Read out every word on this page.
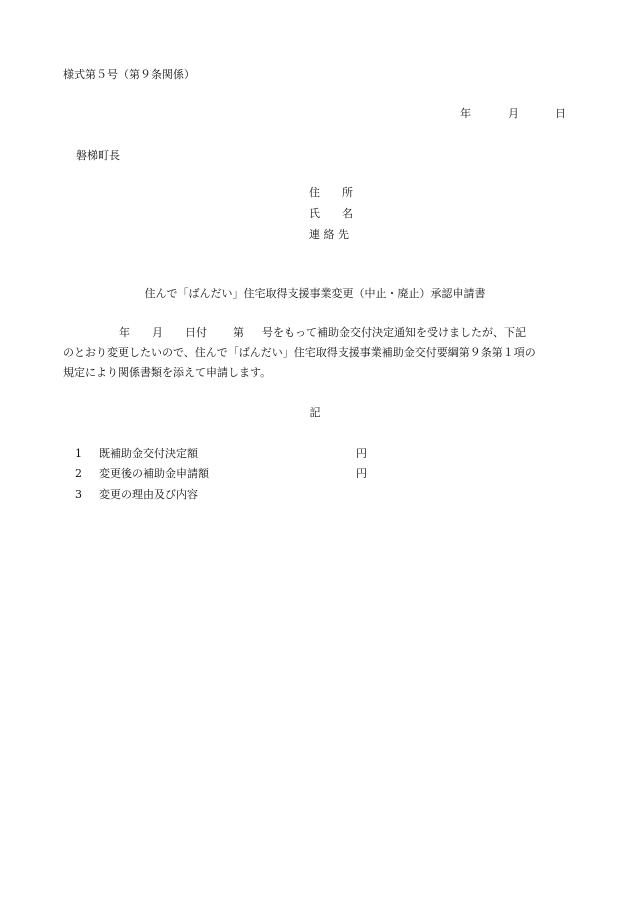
様式第５号（第９条関係）
年	月	日
磐梯町長
住　　所
氏　　名
連 絡 先
住んで「ばんだい」住宅取得支援事業変更（中止・廃止）承認申請書
年 月 日付 第 号をもって補助金交付決定通知を受けましたが、下記
のとおり変更したいので、住んで「ばんだい」住宅取得支援事業補助金交付要綱第９条第１項の
規定により関係書類を添えて申請します。
記
1 既補助金交付決定額	円
2 変更後の補助金申請額	円
3 変更の理由及び内容
